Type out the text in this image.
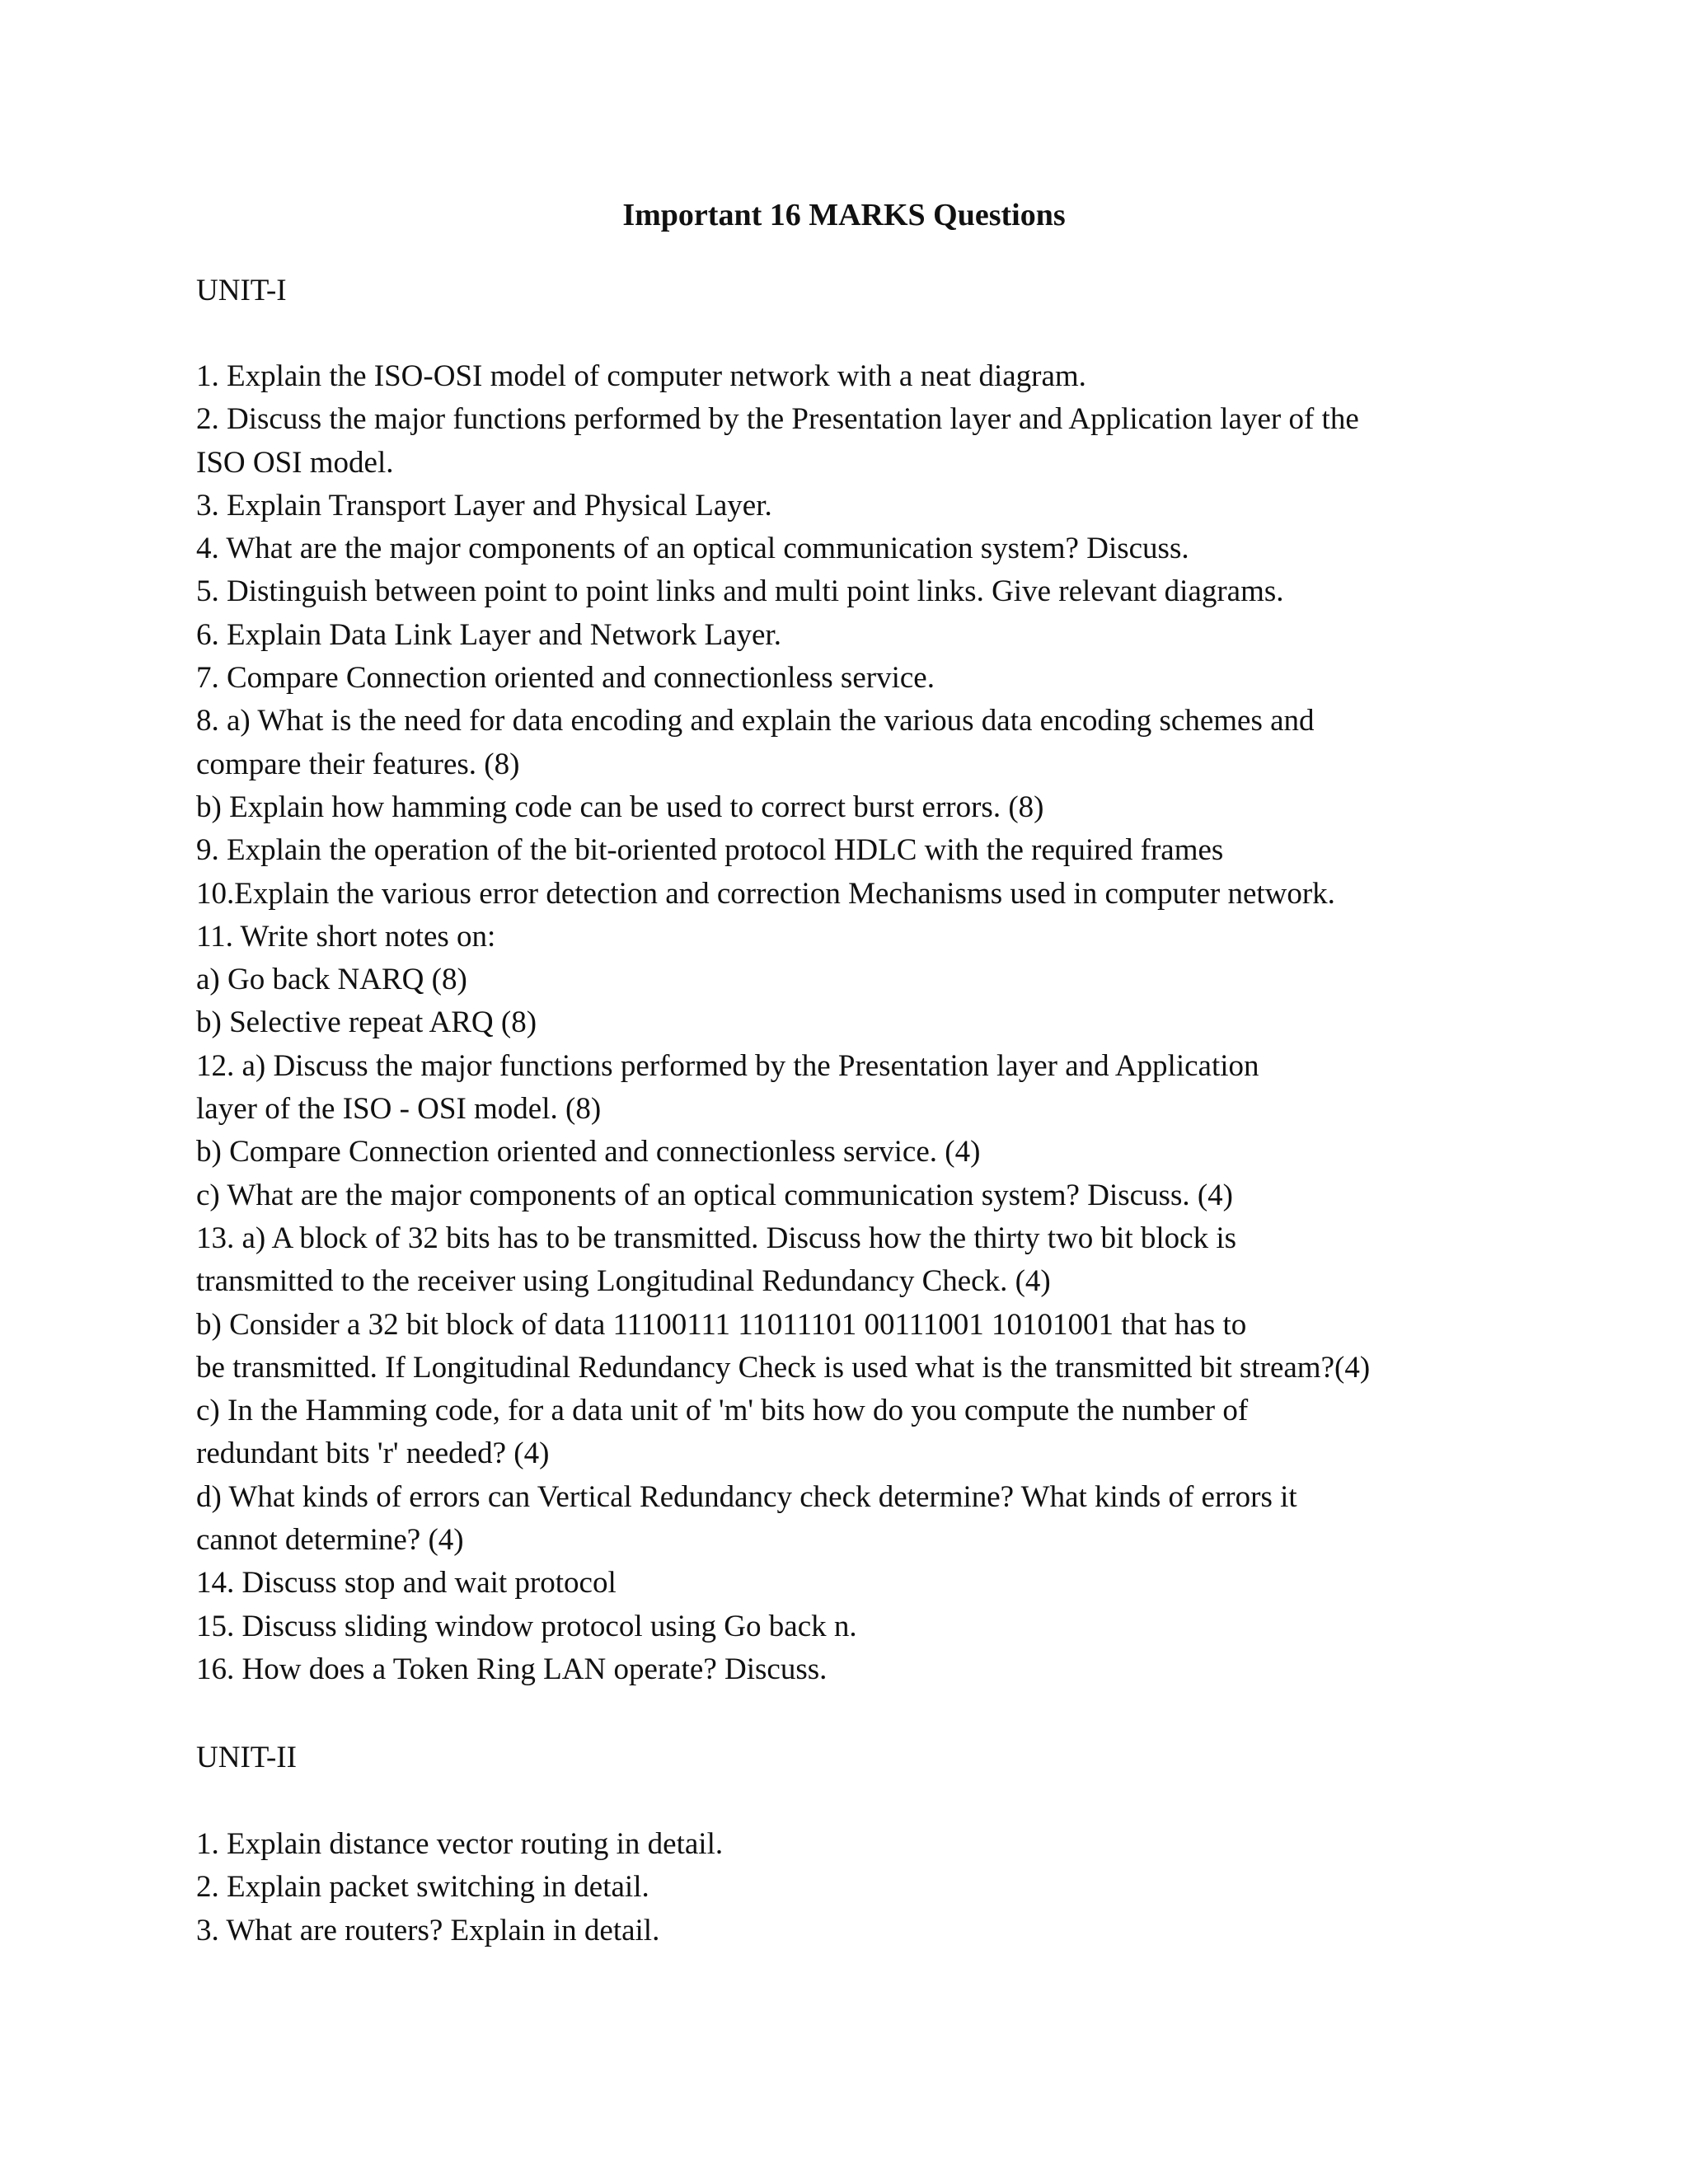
Important 16 MARKS Questions
UNIT-I
1. Explain the ISO-OSI model of computer network with a neat diagram.
2. Discuss the major functions performed by the Presentation layer and Application layer of the
ISO OSI model.
3. Explain Transport Layer and Physical Layer.
4. What are the major components of an optical communication system? Discuss.
5. Distinguish between point to point links and multi point links. Give relevant diagrams.
6. Explain Data Link Layer and Network Layer.
7. Compare Connection oriented and connectionless service.
8. a) What is the need for data encoding and explain the various data encoding schemes and
compare their features. (8)
b) Explain how hamming code can be used to correct burst errors. (8)
9. Explain the operation of the bit-oriented protocol HDLC with the required frames
10.Explain the various error detection and correction Mechanisms used in computer network.
11. Write short notes on:
a) Go back NARQ (8)
b) Selective repeat ARQ (8)
12. a) Discuss the major functions performed by the Presentation layer and Application
layer of the ISO - OSI model. (8)
b) Compare Connection oriented and connectionless service. (4)
c) What are the major components of an optical communication system? Discuss. (4)
13. a) A block of 32 bits has to be transmitted. Discuss how the thirty two bit block is
transmitted to the receiver using Longitudinal Redundancy Check. (4)
b) Consider a 32 bit block of data 11100111 11011101 00111001 10101001 that has to
be transmitted. If Longitudinal Redundancy Check is used what is the transmitted bit stream?(4)
c) In the Hamming code, for a data unit of 'm' bits how do you compute the number of
redundant bits 'r' needed? (4)
d) What kinds of errors can Vertical Redundancy check determine? What kinds of errors it
cannot determine? (4)
14. Discuss stop and wait protocol
15. Discuss sliding window protocol using Go back n.
16. How does a Token Ring LAN operate? Discuss.
UNIT-II
1. Explain distance vector routing in detail.
2. Explain packet switching in detail.
3. What are routers? Explain in detail.
